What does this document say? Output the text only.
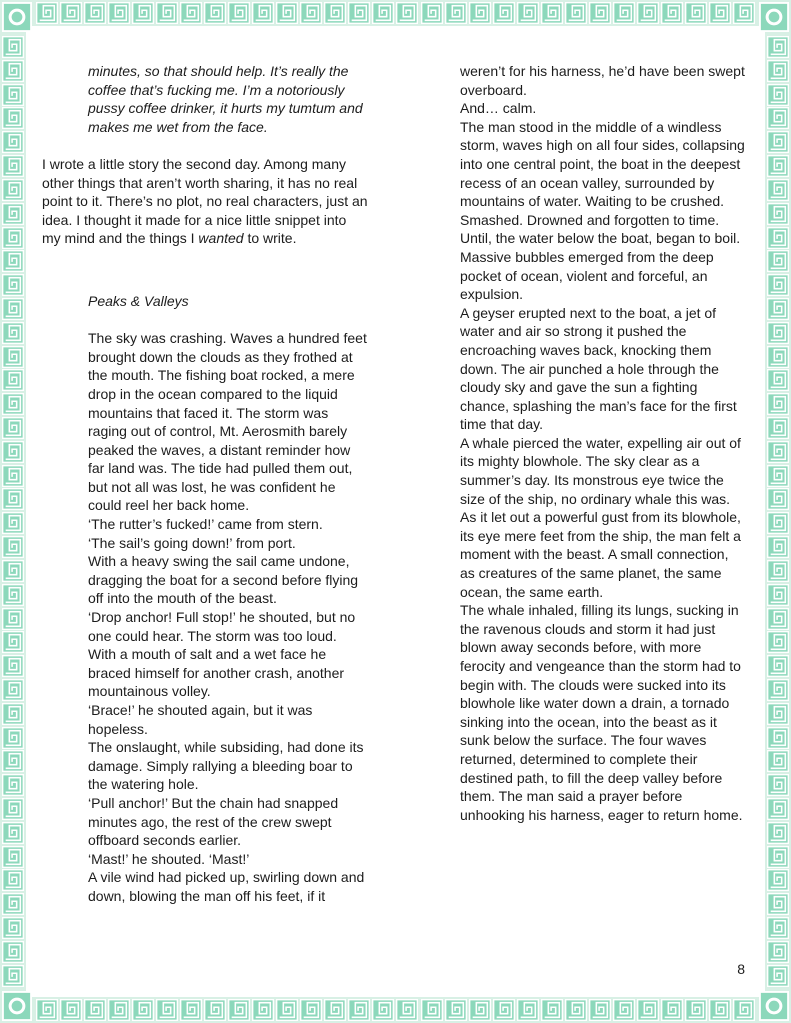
minutes, so that should help. It’s really the coffee that’s fucking me. I’m a notoriously pussy coffee drinker, it hurts my tumtum and makes me wet from the face.

I wrote a little story the second day. Among many other things that aren’t worth sharing, it has no real point to it. There’s no plot, no real characters, just an idea. I thought it made for a nice little snippet into my mind and the things I wanted to write.

Peaks & Valleys

The sky was crashing. Waves a hundred feet brought down the clouds as they frothed at the mouth. The fishing boat rocked, a mere drop in the ocean compared to the liquid mountains that faced it. The storm was raging out of control, Mt. Aerosmith barely peaked the waves, a distant reminder how far land was. The tide had pulled them out, but not all was lost, he was confident he could reel her back home.

‘The rutter’s fucked!’ came from stern.

‘The sail’s going down!’ from port.

With a heavy swing the sail came undone, dragging the boat for a second before flying off into the mouth of the beast.

‘Drop anchor! Full stop!’ he shouted, but no one could hear. The storm was too loud.

With a mouth of salt and a wet face he braced himself for another crash, another mountainous volley.

‘Brace!’ he shouted again, but it was hopeless.

The onslaught, while subsiding, had done its damage. Simply rallying a bleeding boar to the watering hole.

‘Pull anchor!’ But the chain had snapped minutes ago, the rest of the crew swept offboard seconds earlier.

‘Mast!’ he shouted. ‘Mast!’

A vile wind had picked up, swirling down and down, blowing the man off his feet, if it

weren’t for his harness, he’d have been swept overboard.

And… calm.

The man stood in the middle of a windless storm, waves high on all four sides, collapsing into one central point, the boat in the deepest recess of an ocean valley, surrounded by mountains of water. Waiting to be crushed. Smashed. Drowned and forgotten to time.

Until, the water below the boat, began to boil. Massive bubbles emerged from the deep pocket of ocean, violent and forceful, an expulsion.

A geyser erupted next to the boat, a jet of water and air so strong it pushed the encroaching waves back, knocking them down. The air punched a hole through the cloudy sky and gave the sun a fighting chance, splashing the man’s face for the first time that day.

A whale pierced the water, expelling air out of its mighty blowhole. The sky clear as a summer’s day. Its monstrous eye twice the size of the ship, no ordinary whale this was. As it let out a powerful gust from its blowhole, its eye mere feet from the ship, the man felt a moment with the beast. A small connection, as creatures of the same planet, the same ocean, the same earth.

The whale inhaled, filling its lungs, sucking in the ravenous clouds and storm it had just blown away seconds before, with more ferocity and vengeance than the storm had to begin with. The clouds were sucked into its blowhole like water down a drain, a tornado sinking into the ocean, into the beast as it sunk below the surface. The four waves returned, determined to complete their destined path, to fill the deep valley before them. The man said a prayer before unhooking his harness, eager to return home.

8
